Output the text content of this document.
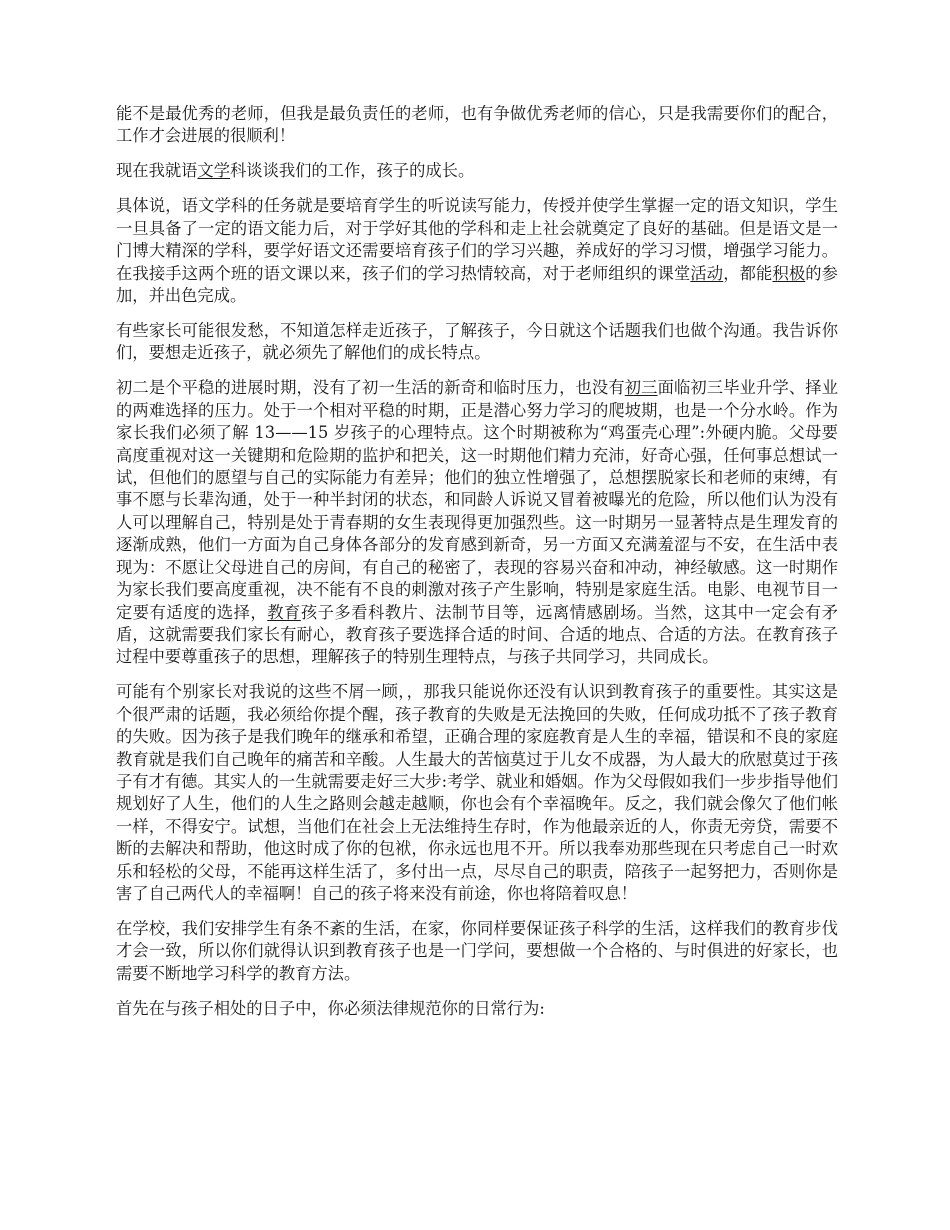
能不是最优秀的老师，但我是最负责任的老师，也有争做优秀老师的信心，只是我需要你们的配合，工作才会进展的很顺利！

现在我就语文学科谈谈我们的工作，孩子的成长。

具体说，语文学科的任务就是要培育学生的听说读写能力，传授并使学生掌握一定的语文知识，学生一旦具备了一定的语文能力后，对于学好其他的学科和走上社会就奠定了良好的基础。但是语文是一门博大精深的学科，要学好语文还需要培育孩子们的学习兴趣，养成好的学习习惯，增强学习能力。在我接手这两个班的语文课以来，孩子们的学习热情较高，对于老师组织的课堂活动，都能积极的参加，并出色完成。

有些家长可能很发愁，不知道怎样走近孩子，了解孩子，今日就这个话题我们也做个沟通。我告诉你们，要想走近孩子，就必须先了解他们的成长特点。

初二是个平稳的进展时期，没有了初一生活的新奇和临时压力，也没有初三面临初三毕业升学、择业的两难选择的压力。处于一个相对平稳的时期，正是潜心努力学习的爬坡期，也是一个分水岭。作为家长我们必须了解 13——15 岁孩子的心理特点。这个时期被称为“鸡蛋壳心理”:外硬内脆。父母要高度重视对这一关键期和危险期的监护和把关，这一时期他们精力充沛，好奇心强，任何事总想试一试，但他们的愿望与自己的实际能力有差异；他们的独立性增强了，总想摆脱家长和老师的束缚，有事不愿与长辈沟通，处于一种半封闭的状态，和同龄人诉说又冒着被曝光的危险，所以他们认为没有人可以理解自己，特别是处于青春期的女生表现得更加强烈些。这一时期另一显著特点是生理发育的逐渐成熟，他们一方面为自己身体各部分的发育感到新奇，另一方面又充满羞涩与不安，在生活中表现为：不愿让父母进自己的房间，有自己的秘密了，表现的容易兴奋和冲动，神经敏感。这一时期作为家长我们要高度重视，决不能有不良的刺激对孩子产生影响，特别是家庭生活。电影、电视节目一定要有适度的选择，教育孩子多看科教片、法制节目等，远离情感剧场。当然，这其中一定会有矛盾，这就需要我们家长有耐心，教育孩子要选择合适的时间、合适的地点、合适的方法。在教育孩子过程中要尊重孩子的思想，理解孩子的特别生理特点，与孩子共同学习，共同成长。

可能有个别家长对我说的这些不屑一顾，，那我只能说你还没有认识到教育孩子的重要性。其实这是个很严肃的话题，我必须给你提个醒，孩子教育的失败是无法挽回的失败，任何成功抵不了孩子教育的失败。因为孩子是我们晚年的继承和希望，正确合理的家庭教育是人生的幸福，错误和不良的家庭教育就是我们自己晚年的痛苦和辛酸。人生最大的苦恼莫过于儿女不成器，为人最大的欣慰莫过于孩子有才有德。其实人的一生就需要走好三大步:考学、就业和婚姻。作为父母假如我们一步步指导他们规划好了人生，他们的人生之路则会越走越顺，你也会有个幸福晚年。反之，我们就会像欠了他们帐一样，不得安宁。试想，当他们在社会上无法维持生存时，作为他最亲近的人，你责无旁贷，需要不断的去解决和帮助，他这时成了你的包袱，你永远也甩不开。所以我奉劝那些现在只考虑自己一时欢乐和轻松的父母，不能再这样生活了，多付出一点，尽尽自己的职责，陪孩子一起努把力，否则你是害了自己两代人的幸福啊！自己的孩子将来没有前途，你也将陪着叹息！

在学校，我们安排学生有条不紊的生活，在家，你同样要保证孩子科学的生活，这样我们的教育步伐才会一致，所以你们就得认识到教育孩子也是一门学问，要想做一个合格的、与时俱进的好家长，也需要不断地学习科学的教育方法。

首先在与孩子相处的日子中，你必须法律规范你的日常行为:
